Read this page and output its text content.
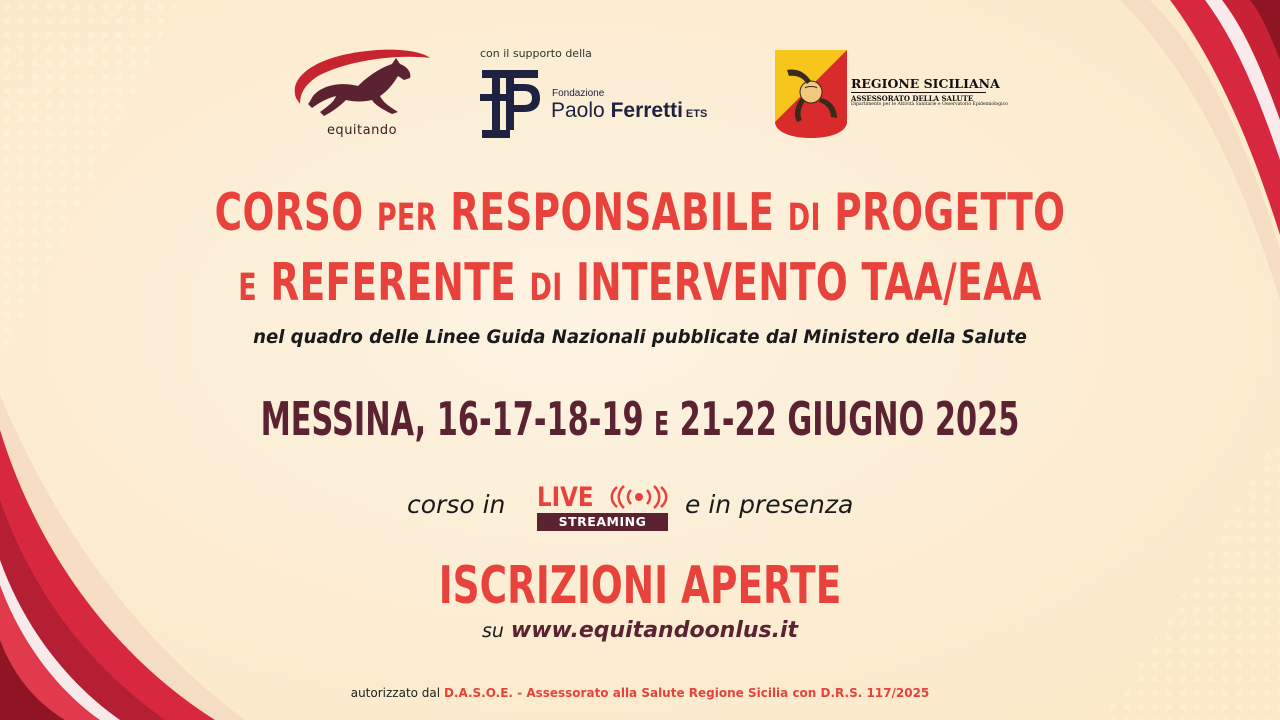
equitando
con il supporto della
Fondazione
Paolo Ferretti ETS
REGIONE SICILIANA
ASSESSORATO DELLA SALUTE
Dipartimento per le Attività Sanitarie e Osservatorio Epidemiologico
CORSO PER RESPONSABILE DI PROGETTO
E REFERENTE DI INTERVENTO TAA/EAA
nel quadro delle Linee Guida Nazionali pubblicate dal Ministero della Salute
MESSINA, 16-17-18-19 E 21-22 GIUGNO 2025
corso in LIVE
STREAMING
e in presenza
ISCRIZIONI APERTE
su www.equitandoonlus.it
autorizzato dal D.A.S.O.E. - Assessorato alla Salute Regione Sicilia con D.R.S. 117/2025
